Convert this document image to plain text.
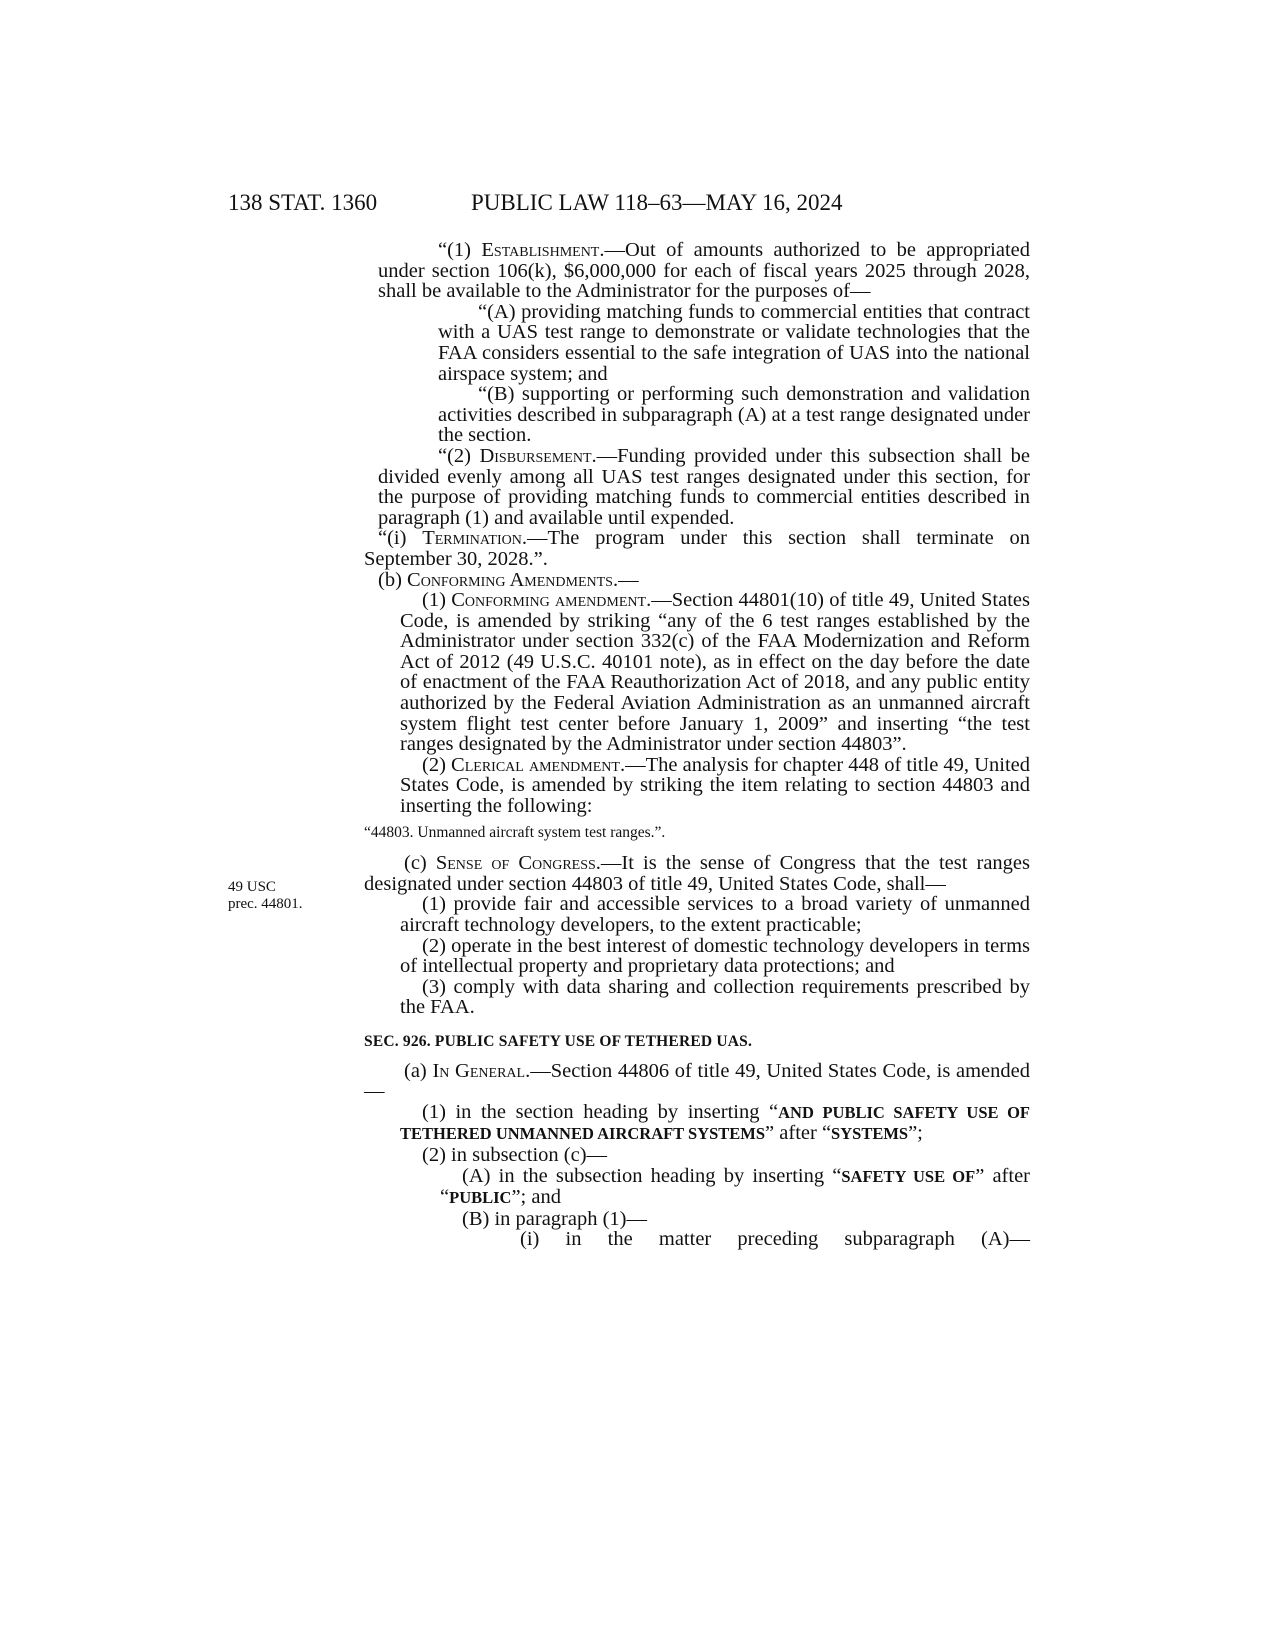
138 STAT. 1360	PUBLIC LAW 118–63—MAY 16, 2024
49 USC
prec. 44801.

“(1) Establishment.—Out of amounts authorized to be appropriated under section 106(k), $6,000,000 for each of fiscal years 2025 through 2028, shall be available to the Administrator for the purposes of—

“(A) providing matching funds to commercial entities that contract with a UAS test range to demonstrate or validate technologies that the FAA considers essential to the safe integration of UAS into the national airspace system; and

“(B) supporting or performing such demonstration and validation activities described in subparagraph (A) at a test range designated under the section.

“(2) Disbursement.—Funding provided under this subsection shall be divided evenly among all UAS test ranges designated under this section, for the purpose of providing matching funds to commercial entities described in paragraph (1) and available until expended.

“(i) Termination.—The program under this section shall terminate on September 30, 2028.”.

(b) Conforming Amendments.—

(1) Conforming amendment.—Section 44801(10) of title 49, United States Code, is amended by striking “any of the 6 test ranges established by the Administrator under section 332(c) of the FAA Modernization and Reform Act of 2012 (49 U.S.C. 40101 note), as in effect on the day before the date of enactment of the FAA Reauthorization Act of 2018, and any public entity authorized by the Federal Aviation Administration as an unmanned aircraft system flight test center before January 1, 2009” and inserting “the test ranges designated by the Administrator under section 44803”.

(2) Clerical amendment.—The analysis for chapter 448 of title 49, United States Code, is amended by striking the item relating to section 44803 and inserting the following:

“44803. Unmanned aircraft system test ranges.”.

(c) Sense of Congress.—It is the sense of Congress that the test ranges designated under section 44803 of title 49, United States Code, shall—

(1) provide fair and accessible services to a broad variety of unmanned aircraft technology developers, to the extent practicable;

(2) operate in the best interest of domestic technology developers in terms of intellectual property and proprietary data protections; and

(3) comply with data sharing and collection requirements prescribed by the FAA.

SEC. 926. PUBLIC SAFETY USE OF TETHERED UAS.

(a) In General.—Section 44806 of title 49, United States Code, is amended—

(1) in the section heading by inserting “AND PUBLIC SAFETY USE OF TETHERED UNMANNED AIRCRAFT SYSTEMS” after “SYSTEMS”;

(2) in subsection (c)—

(A) in the subsection heading by inserting “SAFETY USE OF” after “PUBLIC”; and

(B) in paragraph (1)—

(i) in the matter preceding subparagraph (A)—
